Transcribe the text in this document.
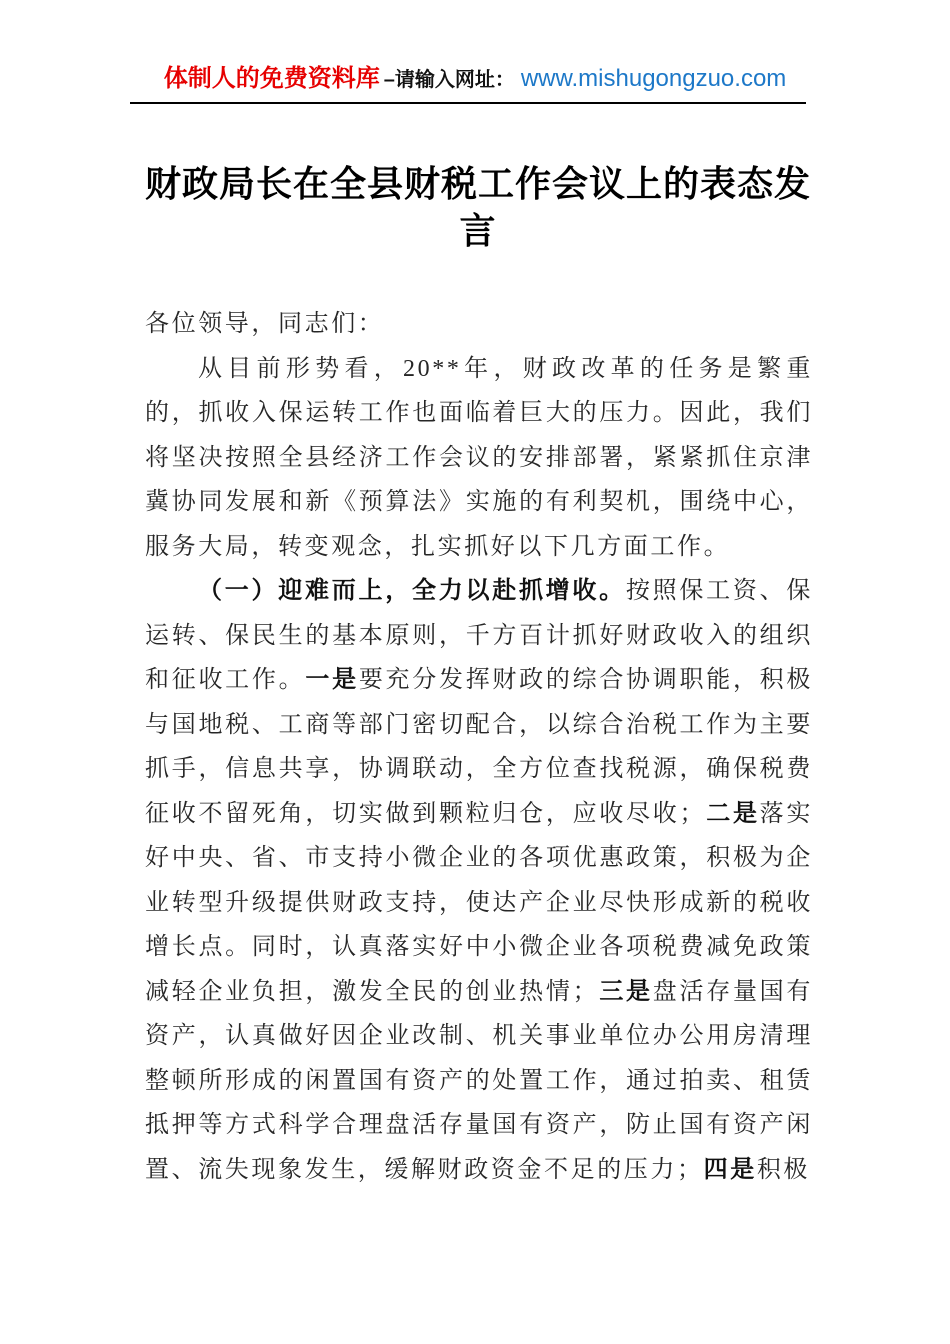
体制人的免费资料库 –请输入网址： www.mishugongzuo.com
财政局长在全县财税工作会议上的表态发言

各位领导，同志们：

从目前形势看，20**年，财政改革的任务是繁重的，抓收入保运转工作也面临着巨大的压力。因此，我们将坚决按照全县经济工作会议的安排部署，紧紧抓住京津冀协同发展和新《预算法》实施的有利契机，围绕中心，服务大局，转变观念，扎实抓好以下几方面工作。

（一）迎难而上，全力以赴抓增收。按照保工资、保运转、保民生的基本原则，千方百计抓好财政收入的组织和征收工作。一是要充分发挥财政的综合协调职能，积极与国地税、工商等部门密切配合，以综合治税工作为主要抓手，信息共享，协调联动，全方位查找税源，确保税费征收不留死角，切实做到颗粒归仓，应收尽收；二是落实好中央、省、市支持小微企业的各项优惠政策，积极为企业转型升级提供财政支持，使达产企业尽快形成新的税收增长点。同时，认真落实好中小微企业各项税费减免政策减轻企业负担，激发全民的创业热情；三是盘活存量国有资产，认真做好因企业改制、机关事业单位办公用房清理整顿所形成的闲置国有资产的处置工作，通过拍卖、租赁抵押等方式科学合理盘活存量国有资产，防止国有资产闲置、流失现象发生，缓解财政资金不足的压力；四是积极
